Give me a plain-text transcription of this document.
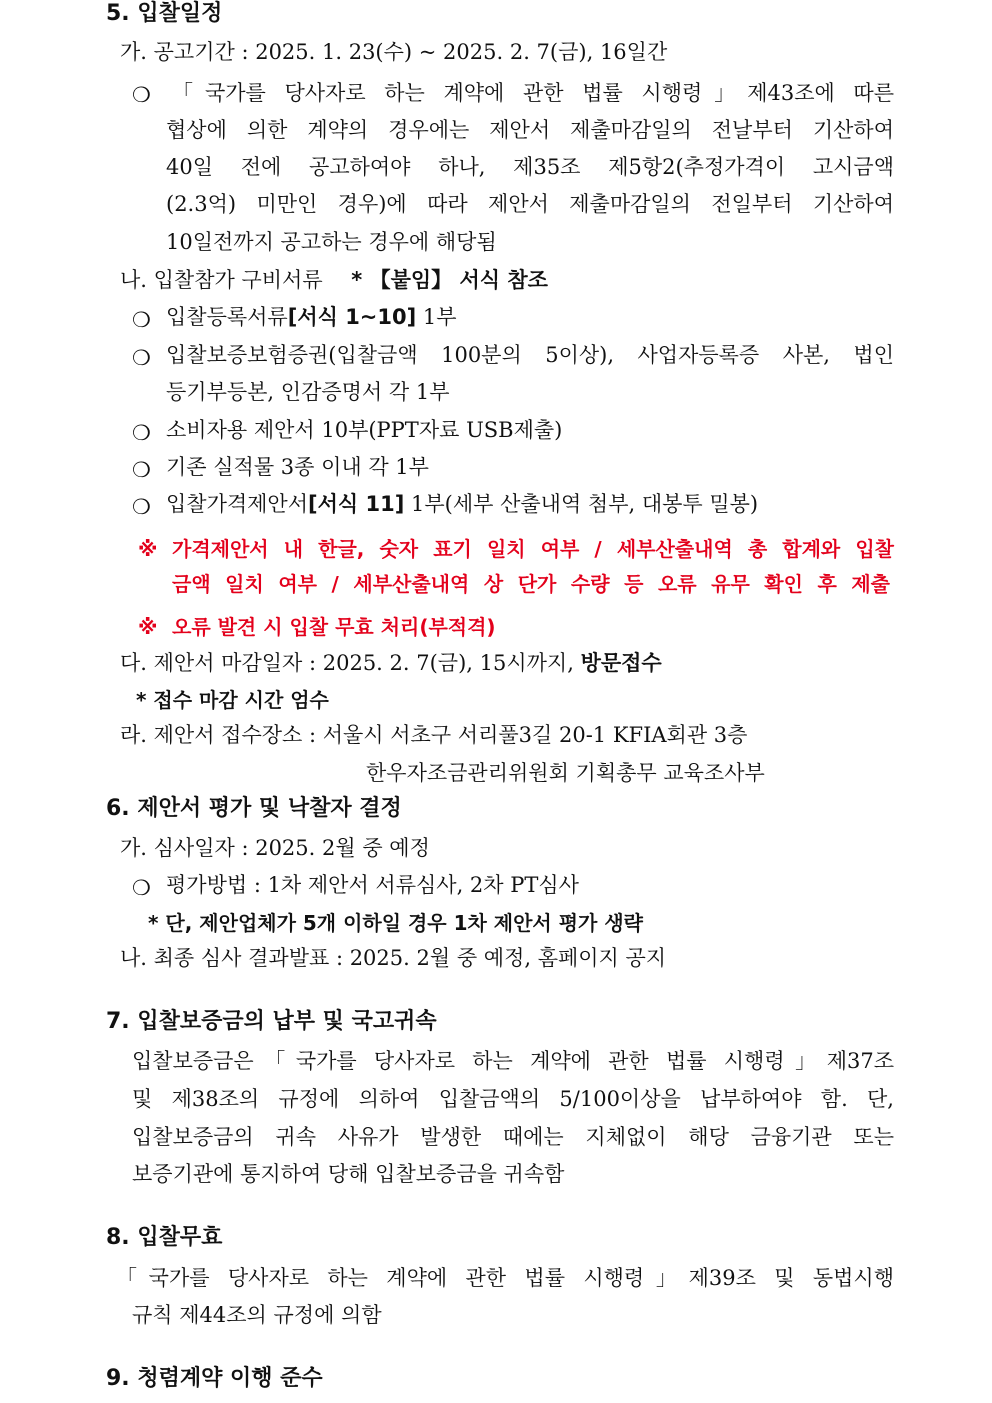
5. 입찰일정
가. 공고기간 : 2025. 1. 23(수) ~ 2025. 2. 7(금), 16일간
❍ 「국가를 당사자로 하는 계약에 관한 법률 시행령」제43조에 따른
협상에 의한 계약의 경우에는 제안서 제출마감일의 전날부터 기산하여
40일 전에 공고하여야 하나, 제35조 제5항2(추정가격이 고시금액
(2.3억) 미만인 경우)에 따라 제안서 제출마감일의 전일부터 기산하여
10일전까지 공고하는 경우에 해당됨
나. 입찰참가 구비서류 * 【붙임】 서식 참조
❍ 입찰등록서류[서식 1~10] 1부
❍ 입찰보증보험증권(입찰금액 100분의 5이상), 사업자등록증 사본, 법인
등기부등본, 인감증명서 각 1부
❍ 소비자용 제안서 10부(PPT자료 USB제출)
❍ 기존 실적물 3종 이내 각 1부
❍ 입찰가격제안서[서식 11] 1부(세부 산출내역 첨부, 대봉투 밀봉)
※ 가격제안서 내 한글, 숫자 표기 일치 여부 / 세부산출내역 총 합계와 입찰
금액 일치 여부 / 세부산출내역 상 단가 수량 등 오류 유무 확인 후 제출
※ 오류 발견 시 입찰 무효 처리(부적격)
다. 제안서 마감일자 : 2025. 2. 7(금), 15시까지, 방문접수
* 접수 마감 시간 엄수
라. 제안서 접수장소 : 서울시 서초구 서리풀3길 20-1 KFIA회관 3층
한우자조금관리위원회 기획총무 교육조사부
6. 제안서 평가 및 낙찰자 결정
가. 심사일자 : 2025. 2월 중 예정
❍ 평가방법 : 1차 제안서 서류심사, 2차 PT심사
* 단, 제안업체가 5개 이하일 경우 1차 제안서 평가 생략
나. 최종 심사 결과발표 : 2025. 2월 중 예정, 홈페이지 공지
7. 입찰보증금의 납부 및 국고귀속
입찰보증금은「국가를 당사자로 하는 계약에 관한 법률 시행령」제37조
및 제38조의 규정에 의하여 입찰금액의 5/100이상을 납부하여야 함. 단,
입찰보증금의 귀속 사유가 발생한 때에는 지체없이 해당 금융기관 또는
보증기관에 통지하여 당해 입찰보증금을 귀속함
8. 입찰무효
「국가를 당사자로 하는 계약에 관한 법률 시행령」제39조 및 동법시행
규칙 제44조의 규정에 의함
9. 청렴계약 이행 준수
